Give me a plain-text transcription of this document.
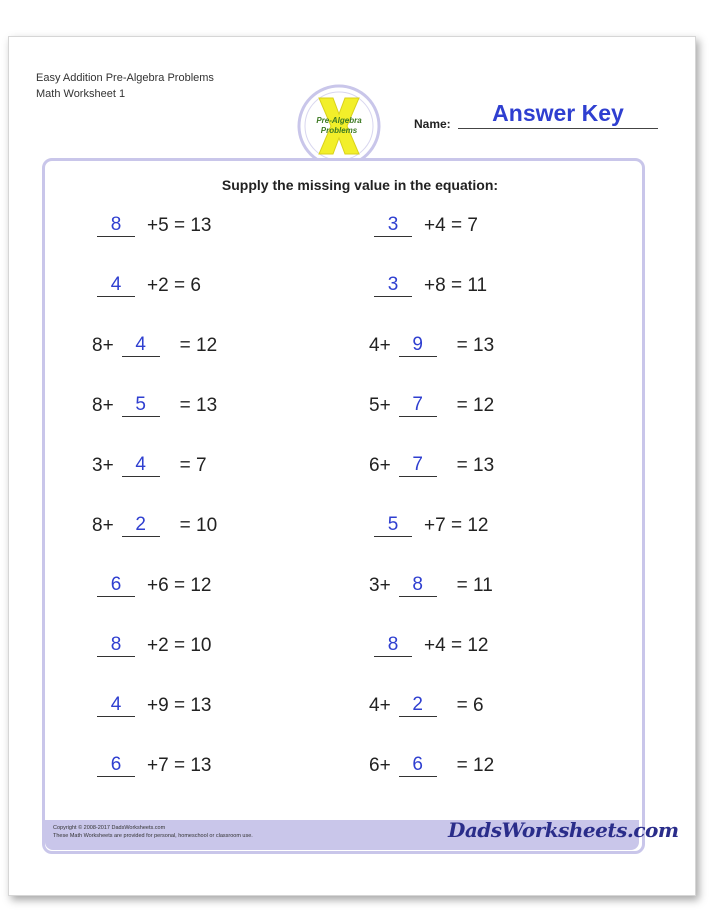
Easy Addition Pre-Algebra Problems
Math Worksheet 1
Pre-Algebra
Problems	Name:	Answer Key
Supply the missing value in the equation:
8	+5 = 13
4	+2 = 6
8+	4	= 12
8+	5	= 13
3+	4	= 7
8+	2	= 10
6	+6 = 12
8	+2 = 10
4	+9 = 13
6	+7 = 13
3	+4 = 7
3	+8 = 11
4+	9	= 13
5+	7	= 12
6+	7	= 13
5	+7 = 12
3+	8	= 11
8	+4 = 12
4+	2	= 6
6+	6	= 12
Copyright © 2008-2017 DadsWorksheets.com
These Math Worksheets are provided for personal, homeschool or classroom use.	DadsWorksheets.com
